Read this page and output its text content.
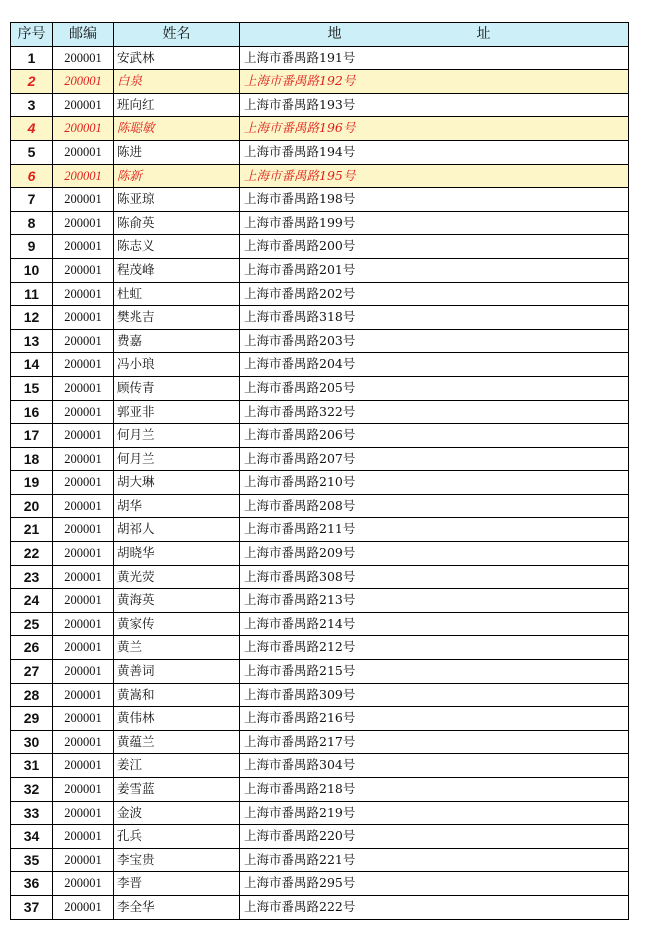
序号	邮编	姓名	地 址

1	200001	安武林	上海市番禺路191号
2	200001	白泉	上海市番禺路192号
3	200001	班向红	上海市番禺路193号
4	200001	陈聪敏	上海市番禺路196号
5	200001	陈进	上海市番禺路194号
6	200001	陈新	上海市番禺路195号
7	200001	陈亚琼	上海市番禺路198号
8	200001	陈俞英	上海市番禺路199号
9	200001	陈志义	上海市番禺路200号
10	200001	程茂峰	上海市番禺路201号
11	200001	杜虹	上海市番禺路202号
12	200001	樊兆吉	上海市番禺路318号
13	200001	费嘉	上海市番禺路203号
14	200001	冯小琅	上海市番禺路204号
15	200001	顾传青	上海市番禺路205号
16	200001	郭亚非	上海市番禺路322号
17	200001	何月兰	上海市番禺路206号
18	200001	何月兰	上海市番禺路207号
19	200001	胡大琳	上海市番禺路210号
20	200001	胡华	上海市番禺路208号
21	200001	胡祁人	上海市番禺路211号
22	200001	胡晓华	上海市番禺路209号
23	200001	黄光荧	上海市番禺路308号
24	200001	黄海英	上海市番禺路213号
25	200001	黄家传	上海市番禺路214号
26	200001	黄兰	上海市番禺路212号
27	200001	黄善词	上海市番禺路215号
28	200001	黄嵩和	上海市番禺路309号
29	200001	黄伟林	上海市番禺路216号
30	200001	黄蕴兰	上海市番禺路217号
31	200001	姜江	上海市番禺路304号
32	200001	姜雪蓝	上海市番禺路218号
33	200001	金波	上海市番禺路219号
34	200001	孔兵	上海市番禺路220号
35	200001	李宝贵	上海市番禺路221号
36	200001	李晋	上海市番禺路295号
37	200001	李全华	上海市番禺路222号
